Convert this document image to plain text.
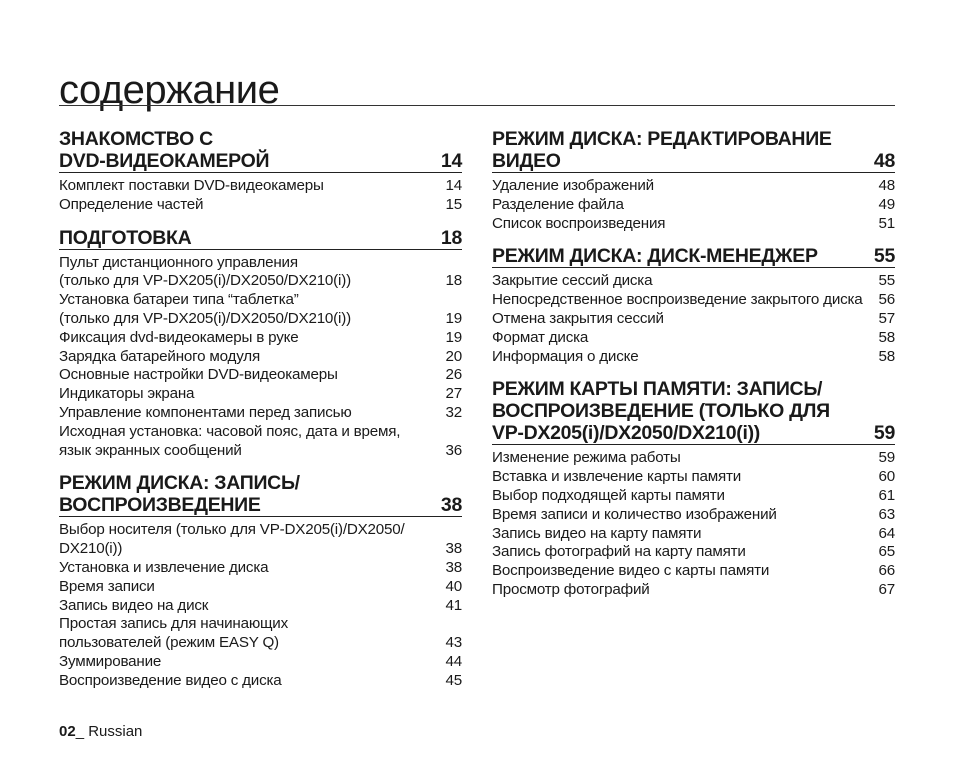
содержание
ЗНАКОМСТВО С
DVD-ВИДЕОКАМЕРОЙ	14
Комплект поставки DVD-видеокамеры	14
Определение частей	15
ПОДГОТОВКА	18
Пульт дистанционного управления
(только для VP-DX205(i)/DX2050/DX210(i))	18
Установка батареи типа “таблетка”
(только для VP-DX205(i)/DX2050/DX210(i))	19
Фиксация dvd-видеокамеры в руке	19
Зарядка батарейного модуля	20
Основные настройки DVD-видеокамеры	26
Индикаторы экрана	27
Управление компонентами перед записью	32
Исходная установка: часовой пояс, дата и время,
язык экранных сообщений	36
РЕЖИМ ДИСКА: ЗАПИСЬ/
ВОСПРОИЗВЕДЕНИЕ	38
Выбор носителя (только для VP-DX205(i)/DX2050/
DX210(i))	38
Установка и извлечение диска	38
Время записи	40
Запись видео на диск	41
Простая запись для начинающих
пользователей (режим EASY Q)	43
Зуммирование	44
Воспроизведение видео с диска	45
РЕЖИМ ДИСКА: РЕДАКТИРОВАНИЕ
ВИДЕО	48
Удаление изображений	48
Разделение файла	49
Список воспроизведения	51
РЕЖИМ ДИСКА: ДИСК-МЕНЕДЖЕР	55
Закрытие сессий диска	55
Непосредственное воспроизведение закрытого диска	56
Отмена закрытия сессий	57
Формат диска	58
Информация о диске	58
РЕЖИМ КАРТЫ ПАМЯТИ: ЗАПИСЬ/
ВОСПРОИЗВЕДЕНИЕ (ТОЛЬКО ДЛЯ
VP-DX205(i)/DX2050/DX210(i))	59
Изменение режима работы	59
Вставка и извлечение карты памяти	60
Выбор подходящей карты памяти	61
Время записи и количество изображений	63
Запись видео на карту памяти	64
Запись фотографий на карту памяти	65
Воспроизведение видео с карты памяти	66
Просмотр фотографий	67
02_ Russian
